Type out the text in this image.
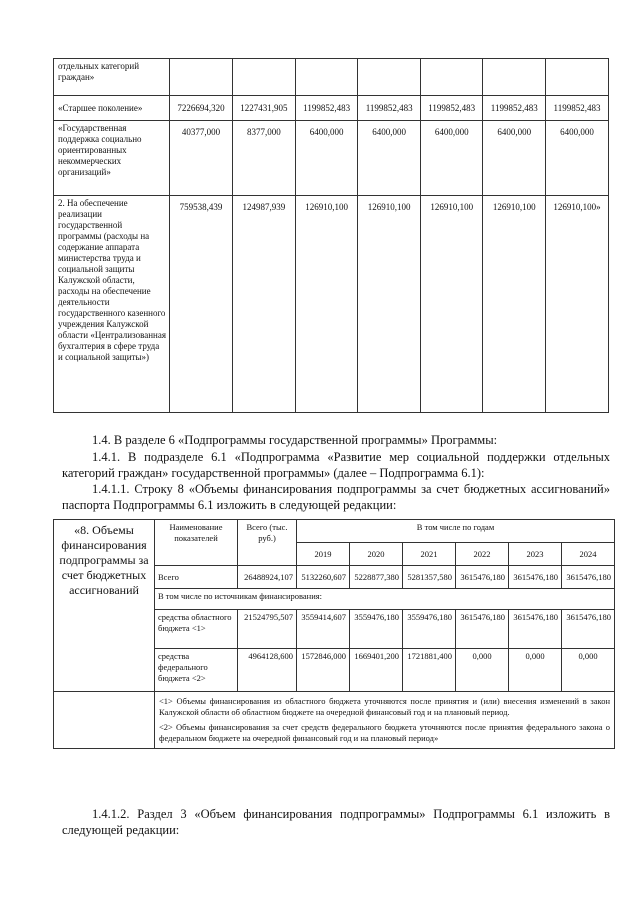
отдельных категорий граждан»							
«Старшее поколение»	7226694,320	1227431,905	1199852,483	1199852,483	1199852,483	1199852,483	1199852,483
«Государственная поддержка социально ориентированных некоммерческих организаций»	40377,000	8377,000	6400,000	6400,000	6400,000	6400,000	6400,000
2. На обеспечение реализации государственной программы (расходы на содержание аппарата министерства труда и социальной защиты Калужской области, расходы на обеспечение деятельности государственного казенного учреждения Калужской области «Централизованная бухгалтерия в сфере труда и социальной защиты»)	759538,439	124987,939	126910,100	126910,100	126910,100	126910,100	126910,100»
1.4. В разделе 6 «Подпрограммы государственной программы» Программы:
1.4.1. В подразделе 6.1 «Подпрограмма «Развитие мер социальной поддержки отдельных категорий граждан» государственной программы» (далее – Подпрограмма 6.1):
1.4.1.1. Строку 8 «Объемы финансирования подпрограммы за счет бюджетных ассигнований» паспорта Подпрограммы 6.1 изложить в следующей редакции:
«8. Объемы финансирования подпрограммы за счет бюджетных ассигнований	Наименование показателей	Всего (тыс. руб.)	В том числе по годам					
			2019	2020	2021	2022	2023	2024
	Всего	26488924,107	5132260,607	5228877,380	5281357,580	3615476,180	3615476,180	3615476,180
	В том числе по источникам финансирования:							
	средства областного бюджета <1>	21524795,507	3559414,607	3559476,180	3559476,180	3615476,180	3615476,180	3615476,180
	средства федерального бюджета <2>	4964128,600	1572846,000	1669401,200	1721881,400	0,000	0,000	0,000

	<1> Объемы финансирования из областного бюджета уточняются после принятия и (или) внесения изменений в закон Калужской области об областном бюджете на очередной финансовый год и на плановый период.

<2> Объемы финансирования за счет средств федерального бюджета уточняются после принятия федерального закона о федеральном бюджете на очередной финансовый год и на плановый период»							

1.4.1.2. Раздел 3 «Объем финансирования подпрограммы» Подпрограммы 6.1 изложить в следующей редакции:
